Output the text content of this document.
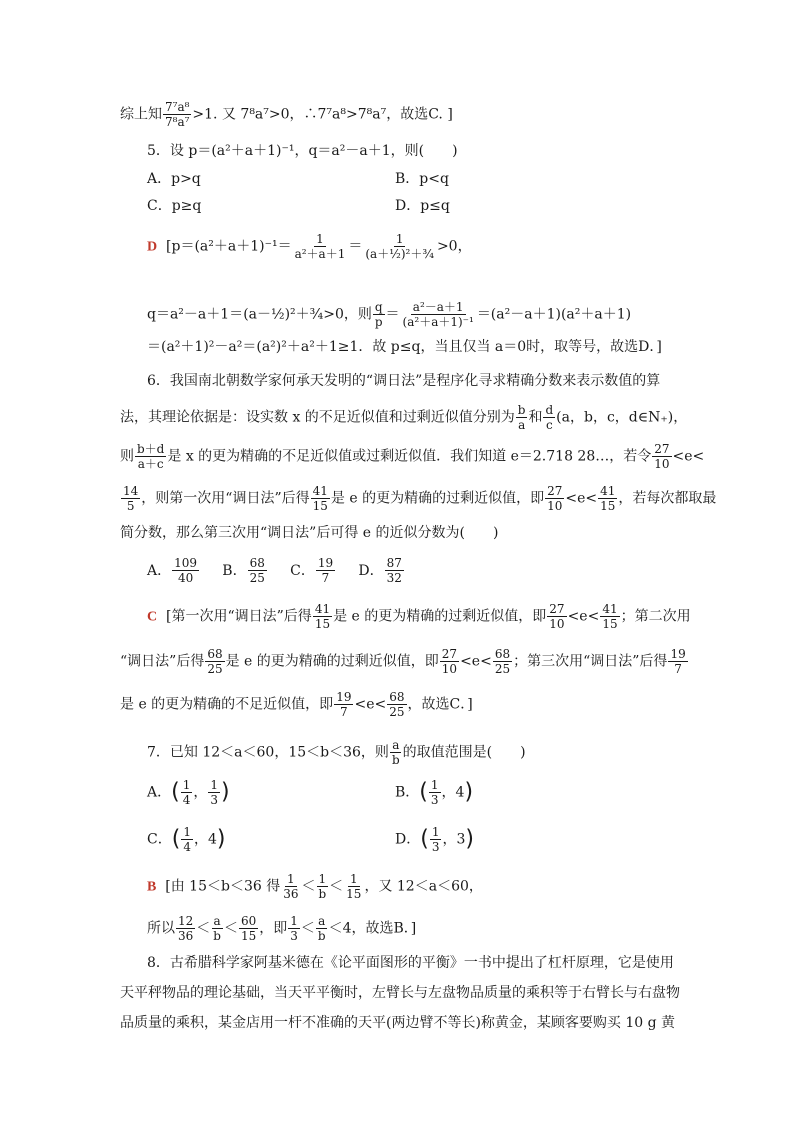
综上知 $\frac{\text{7⁷a⁸}}{\text{7⁸a⁷}} >1$. 又 7⁸a⁷>0，∴7⁷a⁸>7⁸a⁷，故选C. ]
5．设 p＝(a²＋a＋1)⁻¹，q＝a²－a＋1，则(　　)
A．p>q	B．p<q
C．p≥q	D．p≤q
D [$p=(a^2+a+1)^{-1}= \frac{1}{\text{a²＋a＋1}} = \frac{1}{\text{(a＋½)²＋¾}} >0$，
q＝a²－a＋1＝(a－½)²＋¾>0，则 $\frac{q}{p} = \frac{\text{a²－a＋1}}{\text{(a²＋a＋1)⁻¹}} =(a^2-a+1)(a^2+a+1)$
＝(a²＋1)²－a²＝(a²)²＋a²＋1≥1．故 p≤q，当且仅当 a＝0时，取等号，故选D．]
6．我国南北朝数学家何承天发明的“调日法”是程序化寻求精确分数来表示数值的算
法，其理论依据是：设实数 x 的不足近似值和过剩近似值分别为 $\frac{b}{a}$ 和 $\frac{d}{c} (a$，b，c，d∈N₊)，
则 $\frac{b+d}{a+c}$ 是 x 的更为精确的不足近似值或过剩近似值．我们知道 e＝2.718 28…，若令 $\frac{27}{10} <e<$
$\frac{14}{5}$ ，则第一次用“调日法”后得 $\frac{41}{15}$ 是 e 的更为精确的过剩近似值，即 $\frac{27}{10} <e< \frac{41}{15}$ ，若每次都取最
简分数，那么第三次用“调日法”后可得 e 的近似分数为(　　)
A． $\frac{109}{40}$ B． $\frac{68}{25}$ C． $\frac{19}{7}$ D． $\frac{87}{32}$
C [第一次用“调日法”后得 $\frac{41}{15}$ 是 e 的更为精确的过剩近似值，即 $\frac{27}{10} <e< \frac{41}{15}$ ；第二次用
“调日法”后得 $\frac{68}{25}$ 是 e 的更为精确的过剩近似值，即 $\frac{27}{10} <e< \frac{68}{25}$ ；第三次用“调日法”后得 $\frac{19}{7}$
是 e 的更为精确的不足近似值，即 $\frac{19}{7} <e< \frac{68}{25}$ ，故选C．]
7．已知 12＜a＜60，15＜b＜36，则 $\frac{a}{b}$ 的取值范围是(　　)
A．( $\frac{1}{4}$ ， $\frac{1}{3}$ )	B．( $\frac{1}{3}$ ，4)
C．( $\frac{1}{4}$ ，4)	D．( $\frac{1}{3}$ ，3)
B [由 15＜b＜36 得 $\frac{1}{36} < \frac{1}{b} < \frac{1}{15}$ ，又 12＜a＜60，
所以 $\frac{12}{36} < \frac{a}{b} < \frac{60}{15}$ ，即 $\frac{1}{3} < \frac{a}{b} <4$，故选B．]
8．古希腊科学家阿基米德在《论平面图形的平衡》一书中提出了杠杆原理，它是使用
天平秤物品的理论基础，当天平平衡时，左臂长与左盘物品质量的乘积等于右臂长与右盘物
品质量的乘积，某金店用一杆不准确的天平(两边臂不等长)称黄金，某顾客要购买 10 g 黄
